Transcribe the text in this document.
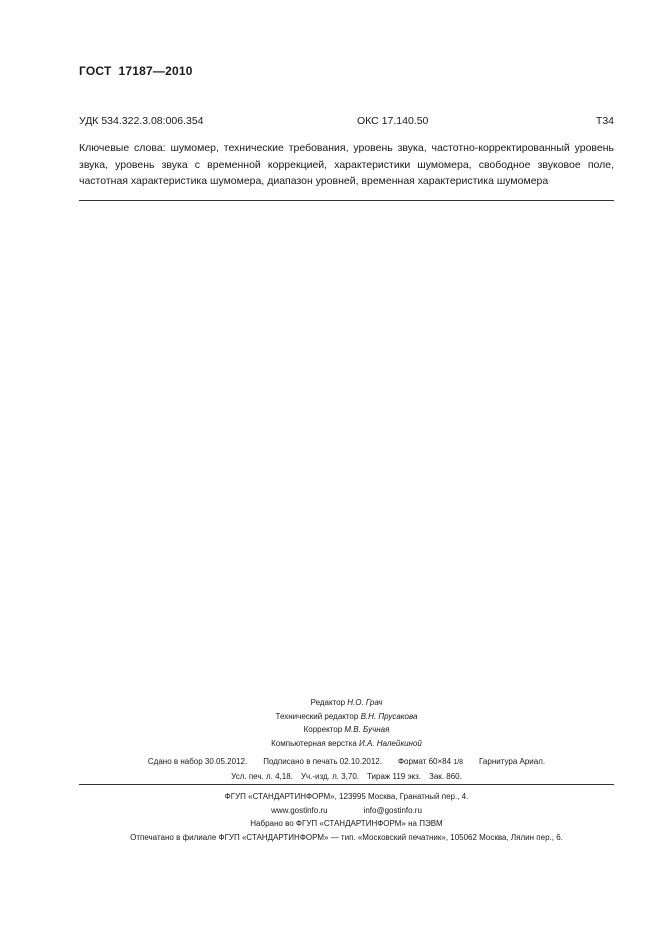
ГОСТ  17187—2010
УДК 534.322.3.08:006.354	ОКС 17.140.50	Т34
Ключевые слова: шумомер, технические требования, уровень звука, частотно-корректированный уровень звука, уровень звука с временной коррекцией, характеристики шумомера, свободное звуковое поле, частотная характеристика шумомера, диапазон уровней, временная характеристика шумомера
Редактор Н.О. Грач
Технический редактор В.Н. Прусакова
Корректор М.В. Бучная
Компьютерная верстка И.А. Налейкиной
Сдано в набор 30.05.2012. Подписано в печать 02.10.2012. Формат 60×84 1/8 Гарнитура Ариал.
Усл. печ. л. 4,18. Уч.-изд. л. 3,70. Тираж 119 экз. Зак. 860.
ФГУП «СТАНДАРТИНФОРМ», 123995 Москва, Гранатный пер., 4.
www.gostinfo.ru	info@gostinfo.ru
Набрано во ФГУП «СТАНДАРТИНФОРМ» на ПЭВМ
Отпечатано в филиале ФГУП «СТАНДАРТИНФОРМ» — тип. «Московский печатник», 105062 Москва, Лялин пер., 6.
